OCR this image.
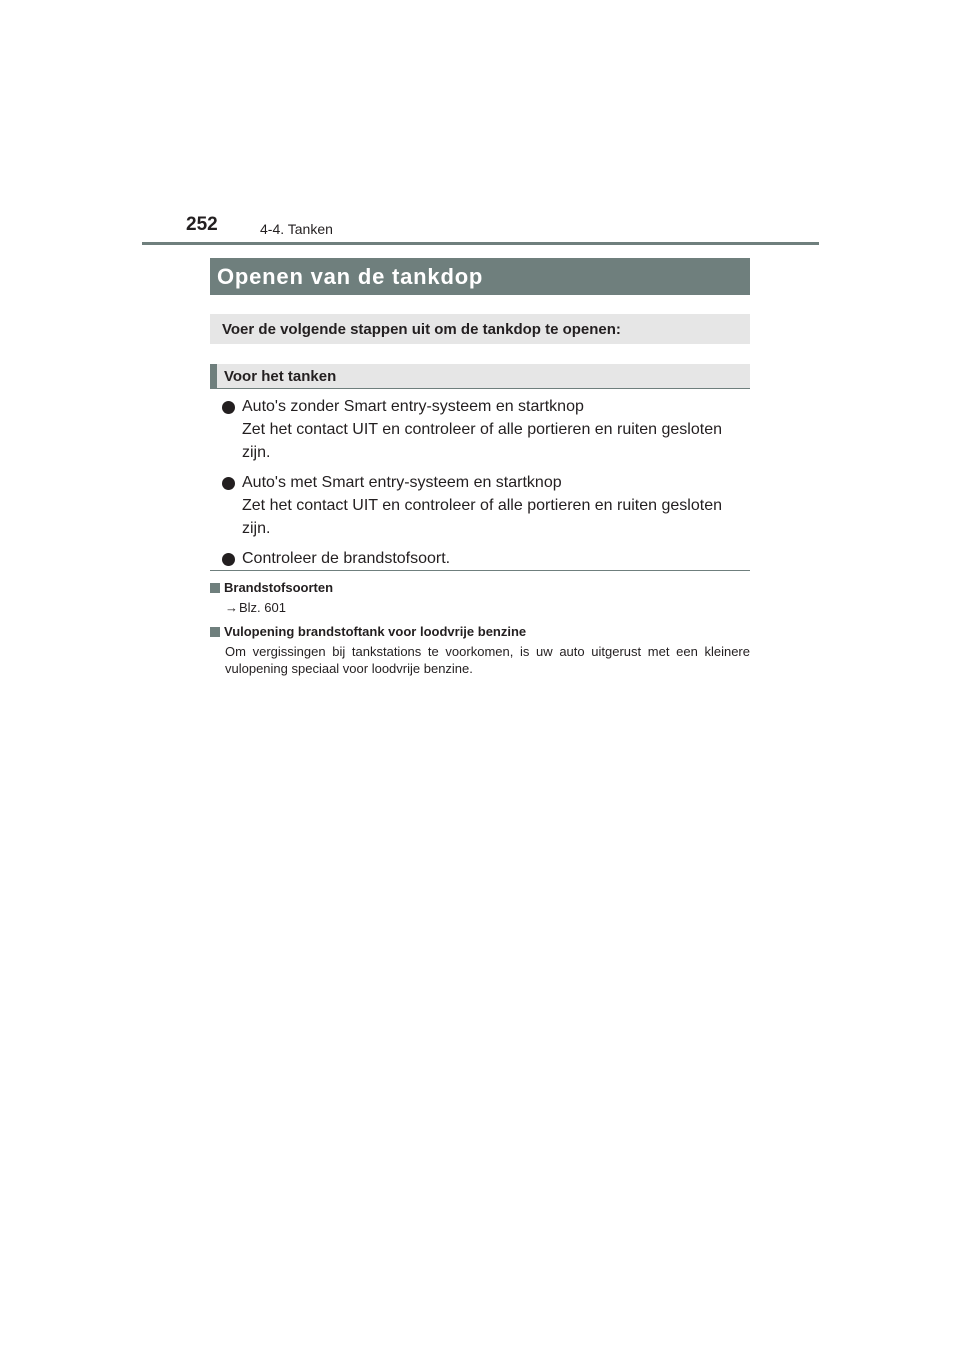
252	4-4. Tanken
Openen van de tankdop
Voer de volgende stappen uit om de tankdop te openen:
Voor het tanken
Auto's zonder Smart entry-systeem en startknop
Zet het contact UIT en controleer of alle portieren en ruiten gesloten zijn.
Auto's met Smart entry-systeem en startknop
Zet het contact UIT en controleer of alle portieren en ruiten gesloten zijn.
Controleer de brandstofsoort.
Brandstofsoorten
→Blz. 601
Vulopening brandstoftank voor loodvrije benzine
Om vergissingen bij tankstations te voorkomen, is uw auto uitgerust met een kleinere vulopening speciaal voor loodvrije benzine.
